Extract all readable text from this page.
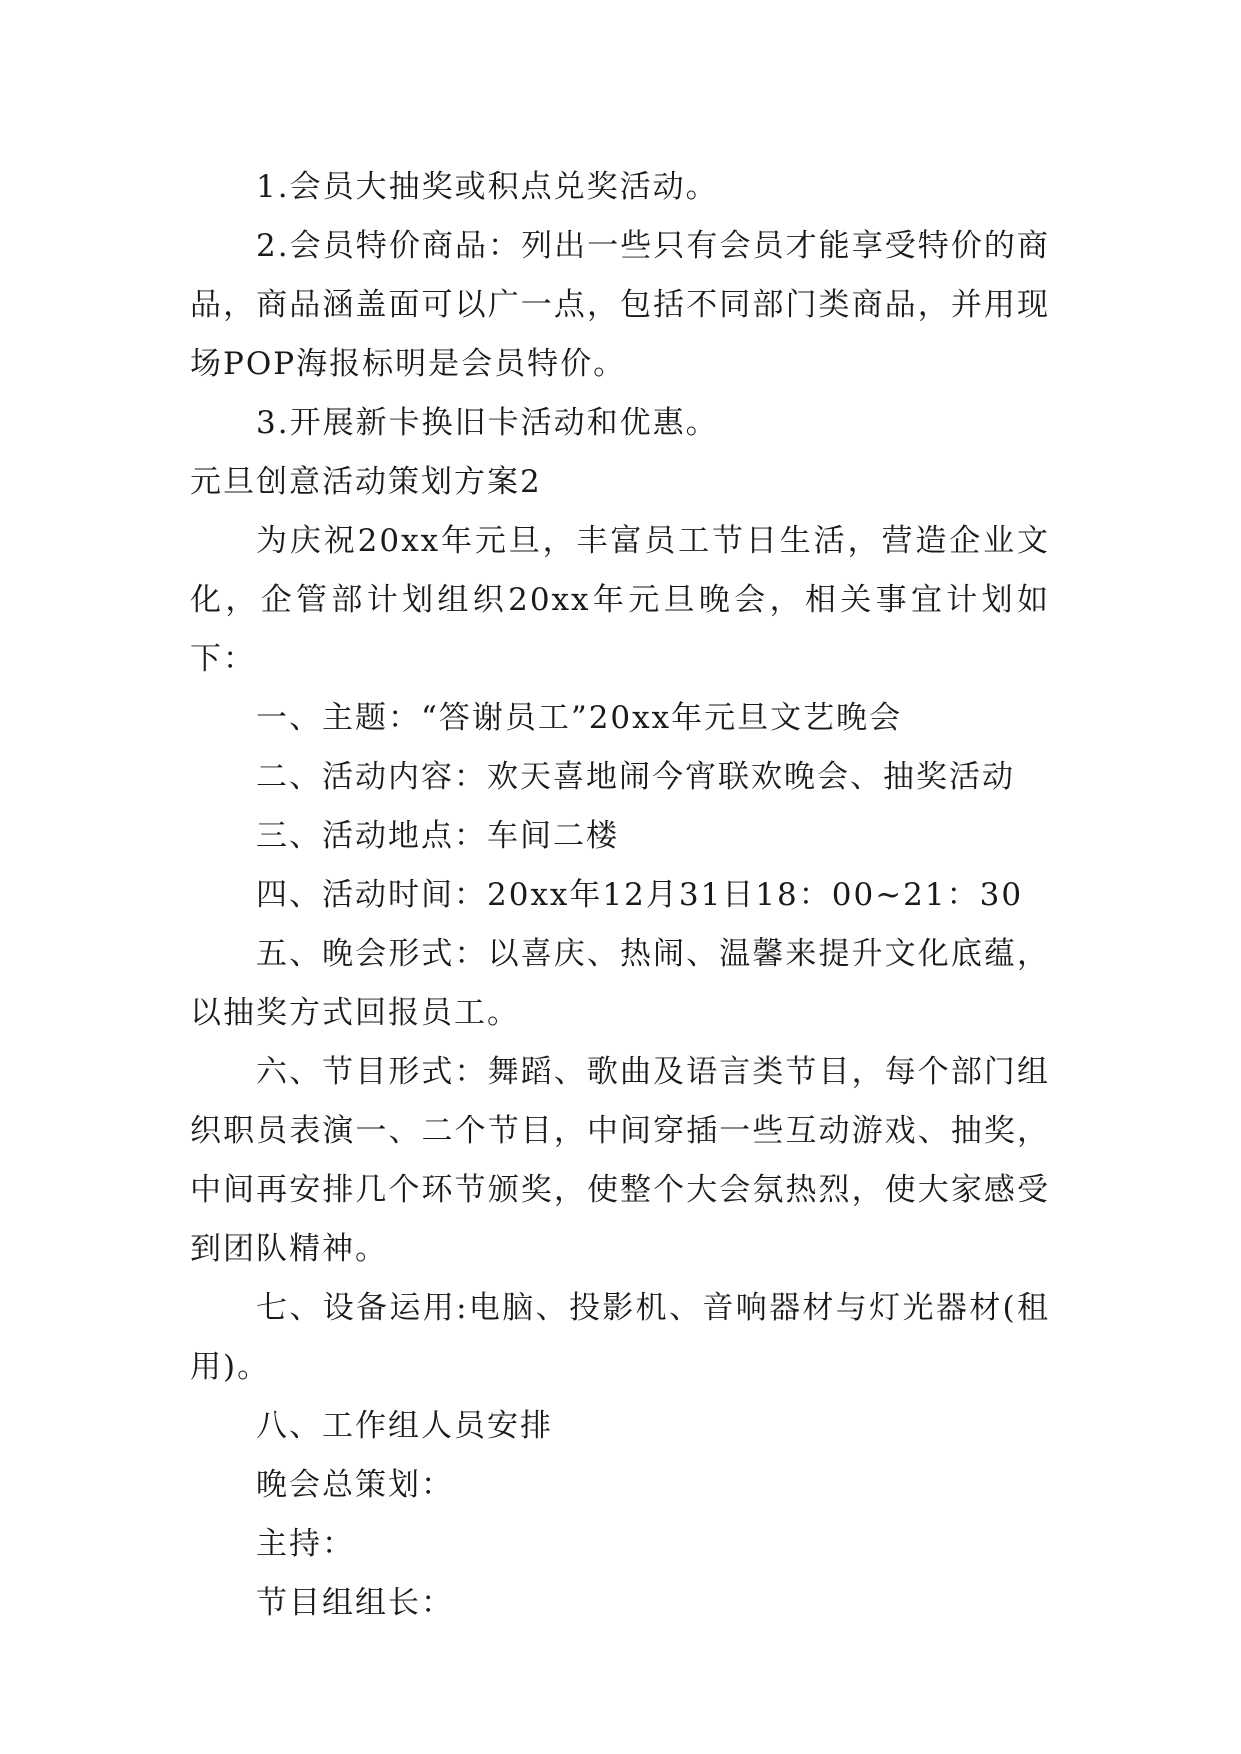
1.会员大抽奖或积点兑奖活动。

2.会员特价商品：列出一些只有会员才能享受特价的商品，商品涵盖面可以广一点，包括不同部门类商品，并用现场POP海报标明是会员特价。

3.开展新卡换旧卡活动和优惠。

元旦创意活动策划方案2

为庆祝20xx年元旦，丰富员工节日生活，营造企业文化，企管部计划组织20xx年元旦晚会，相关事宜计划如下：

一、主题：“答谢员工”20xx年元旦文艺晚会

二、活动内容：欢天喜地闹今宵联欢晚会、抽奖活动

三、活动地点：车间二楼

四、活动时间：20xx年12月31日18：00~21：30

五、晚会形式：以喜庆、热闹、温馨来提升文化底蕴，以抽奖方式回报员工。

六、节目形式：舞蹈、歌曲及语言类节目，每个部门组织职员表演一、二个节目，中间穿插一些互动游戏、抽奖，中间再安排几个环节颁奖，使整个大会氛热烈，使大家感受到团队精神。

七、设备运用:电脑、投影机、音响器材与灯光器材(租用)。

八、工作组人员安排

晚会总策划：

主持：

节目组组长：
